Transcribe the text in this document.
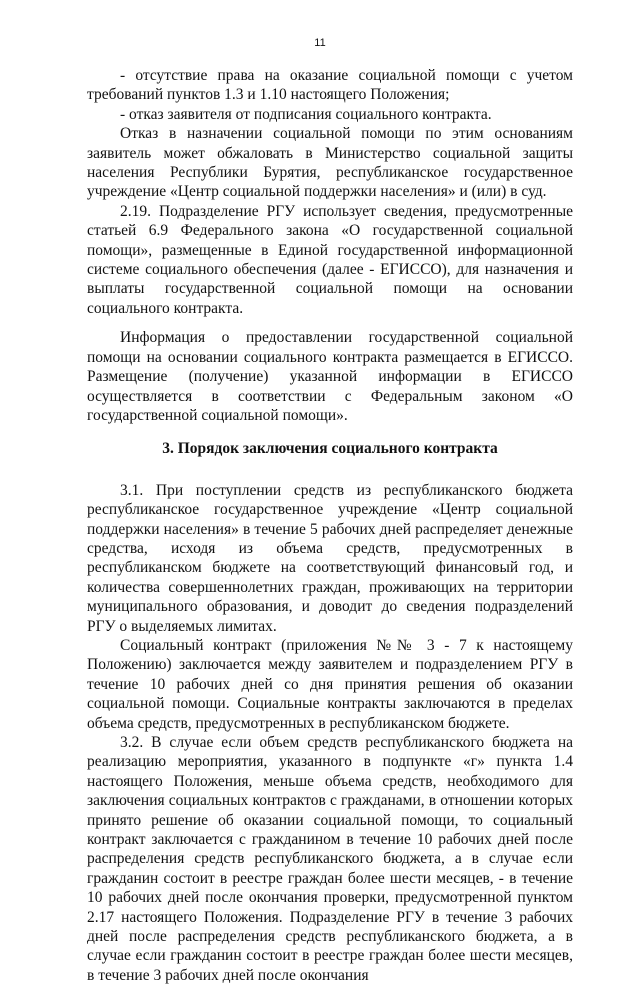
11

- отсутствие права на оказание социальной помощи с учетом требований пунктов 1.3 и 1.10 настоящего Положения;

- отказ заявителя от подписания социального контракта.

Отказ в назначении социальной помощи по этим основаниям заявитель может обжаловать в Министерство социальной защиты населения Республики Бурятия, республиканское государственное учреждение «Центр социальной поддержки населения» и (или) в суд.

2.19. Подразделение РГУ использует сведения, предусмотренные статьей 6.9 Федерального закона «О государственной социальной помощи», размещенные в Единой государственной информационной системе социального обеспечения (далее - ЕГИССО), для назначения и выплаты государственной социальной помощи на основании социального контракта.

Информация о предоставлении государственной социальной помощи на основании социального контракта размещается в ЕГИССО. Размещение (получение) указанной информации в ЕГИССО осуществляется в соответствии с Федеральным законом «О государственной социальной помощи».

3. Порядок заключения социального контракта

3.1. При поступлении средств из республиканского бюджета республиканское государственное учреждение «Центр социальной поддержки населения» в течение 5 рабочих дней распределяет денежные средства, исходя из объема средств, предусмотренных в республиканском бюджете на соответствующий финансовый год, и количества совершеннолетних граждан, проживающих на территории муниципального образования, и доводит до сведения подразделений РГУ о выделяемых лимитах.

Социальный контракт (приложения №№ 3 - 7 к настоящему Положению) заключается между заявителем и подразделением РГУ в течение 10 рабочих дней со дня принятия решения об оказании социальной помощи. Социальные контракты заключаются в пределах объема средств, предусмотренных в республиканском бюджете.

3.2. В случае если объем средств республиканского бюджета на реализацию мероприятия, указанного в подпункте «г» пункта 1.4 настоящего Положения, меньше объема средств, необходимого для заключения социальных контрактов с гражданами, в отношении которых принято решение об оказании социальной помощи, то социальный контракт заключается с гражданином в течение 10 рабочих дней после распределения средств республиканского бюджета, а в случае если гражданин состоит в реестре граждан более шести месяцев, - в течение 10 рабочих дней после окончания проверки, предусмотренной пунктом 2.17 настоящего Положения. Подразделение РГУ в течение 3 рабочих дней после распределения средств республиканского бюджета, а в случае если гражданин состоит в реестре граждан более шести месяцев, в течение 3 рабочих дней после окончания
